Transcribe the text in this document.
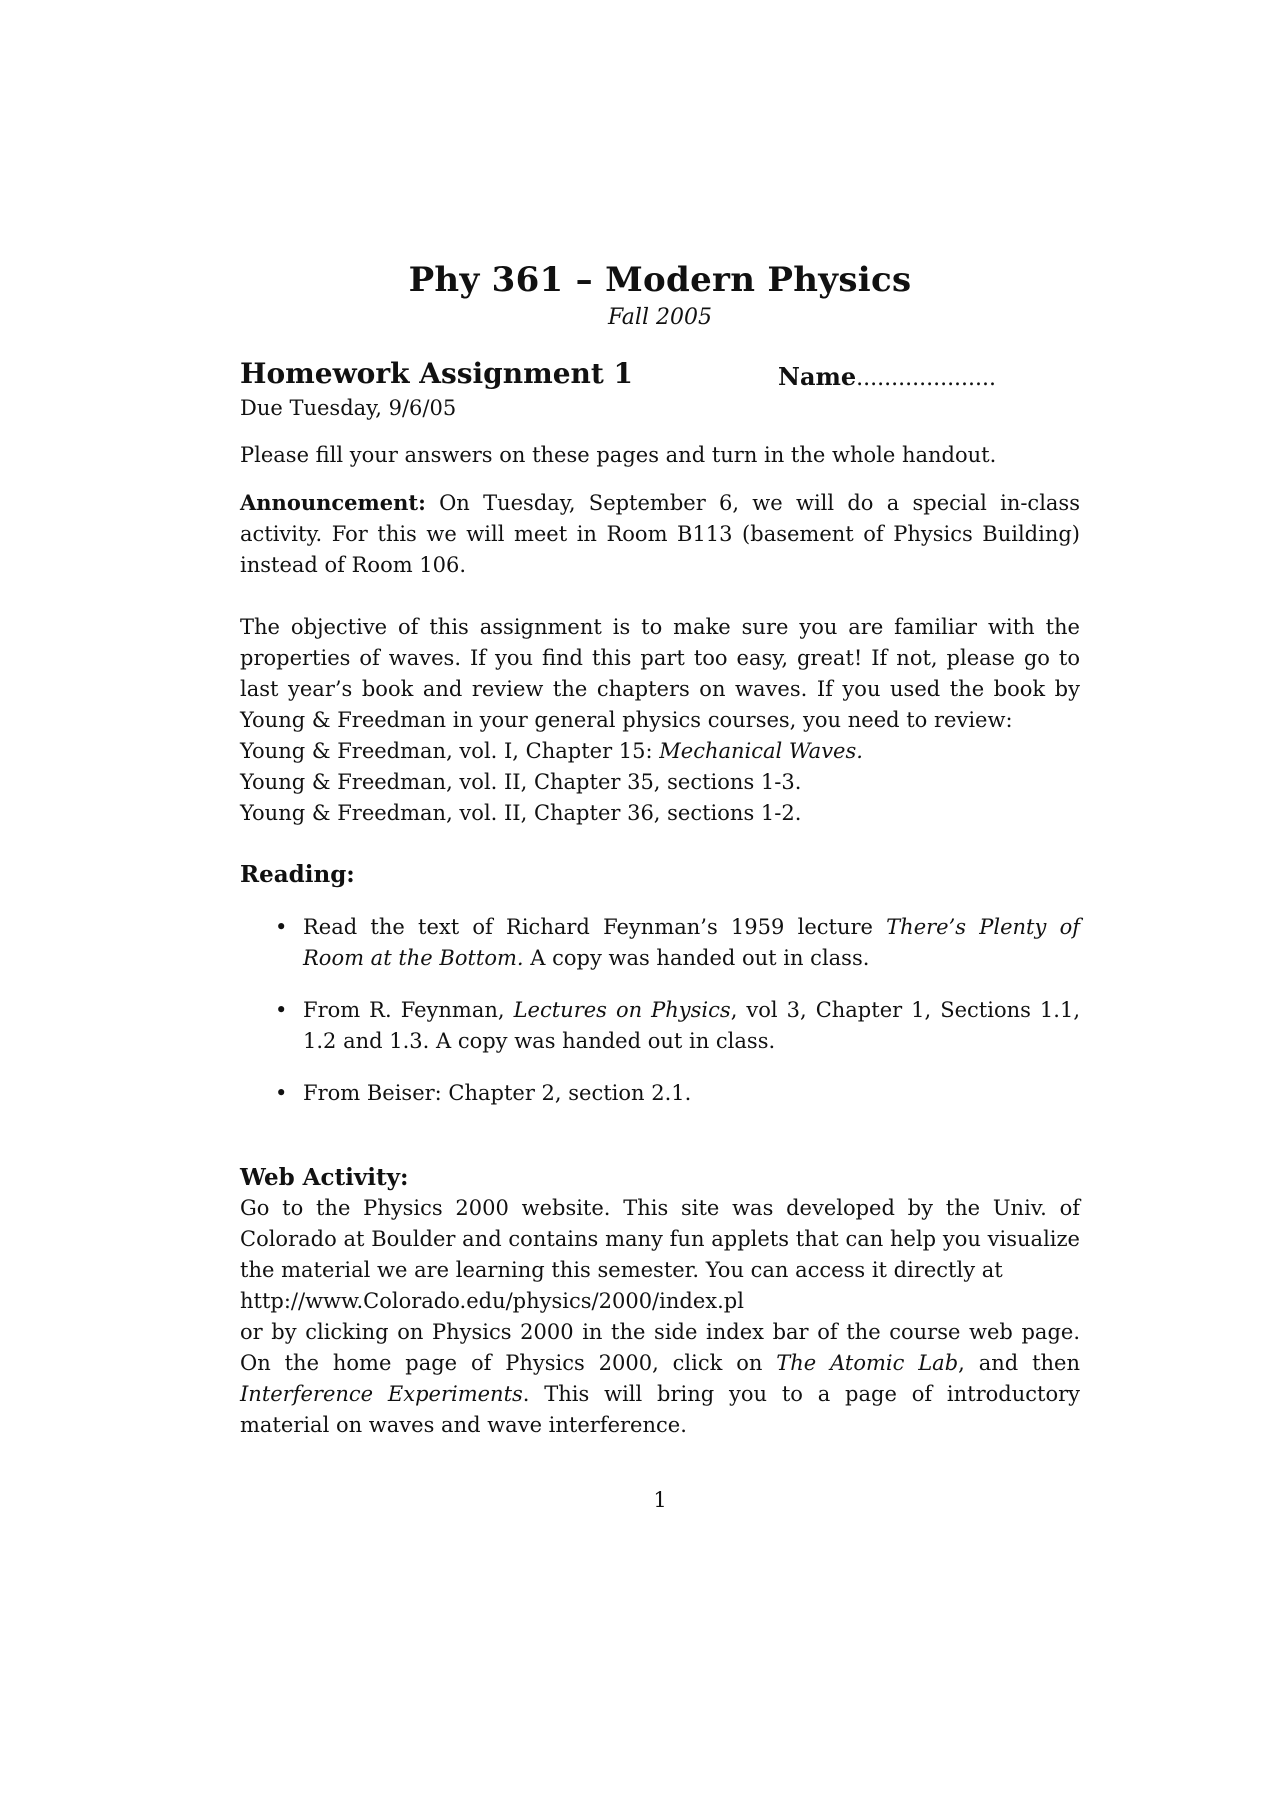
Phy 361 – Modern Physics
Fall 2005
Homework Assignment 1	Name....................
Due Tuesday, 9/6/05
Please fill your answers on these pages and turn in the whole handout.
Announcement: On Tuesday, September 6, we will do a special in-class activity. For this we will meet in Room B113 (basement of Physics Building) instead of Room 106.
The objective of this assignment is to make sure you are familiar with the properties of waves. If you find this part too easy, great! If not, please go to last year’s book and review the chapters on waves. If you used the book by Young & Freedman in your general physics courses, you need to review:
Young & Freedman, vol. I, Chapter 15: Mechanical Waves.
Young & Freedman, vol. II, Chapter 35, sections 1-3.
Young & Freedman, vol. II, Chapter 36, sections 1-2.
Reading:
• Read the text of Richard Feynman’s 1959 lecture There’s Plenty of Room at the Bottom. A copy was handed out in class.
• From R. Feynman, Lectures on Physics, vol 3, Chapter 1, Sections 1.1, 1.2 and 1.3. A copy was handed out in class.
• From Beiser: Chapter 2, section 2.1.
Web Activity:
Go to the Physics 2000 website. This site was developed by the Univ. of Colorado at Boulder and contains many fun applets that can help you visualize the material we are learning this semester. You can access it directly at
http://www.Colorado.edu/physics/2000/index.pl
or by clicking on Physics 2000 in the side index bar of the course web page. On the home page of Physics 2000, click on The Atomic Lab, and then Interference Experiments. This will bring you to a page of introductory material on waves and wave interference.
1
